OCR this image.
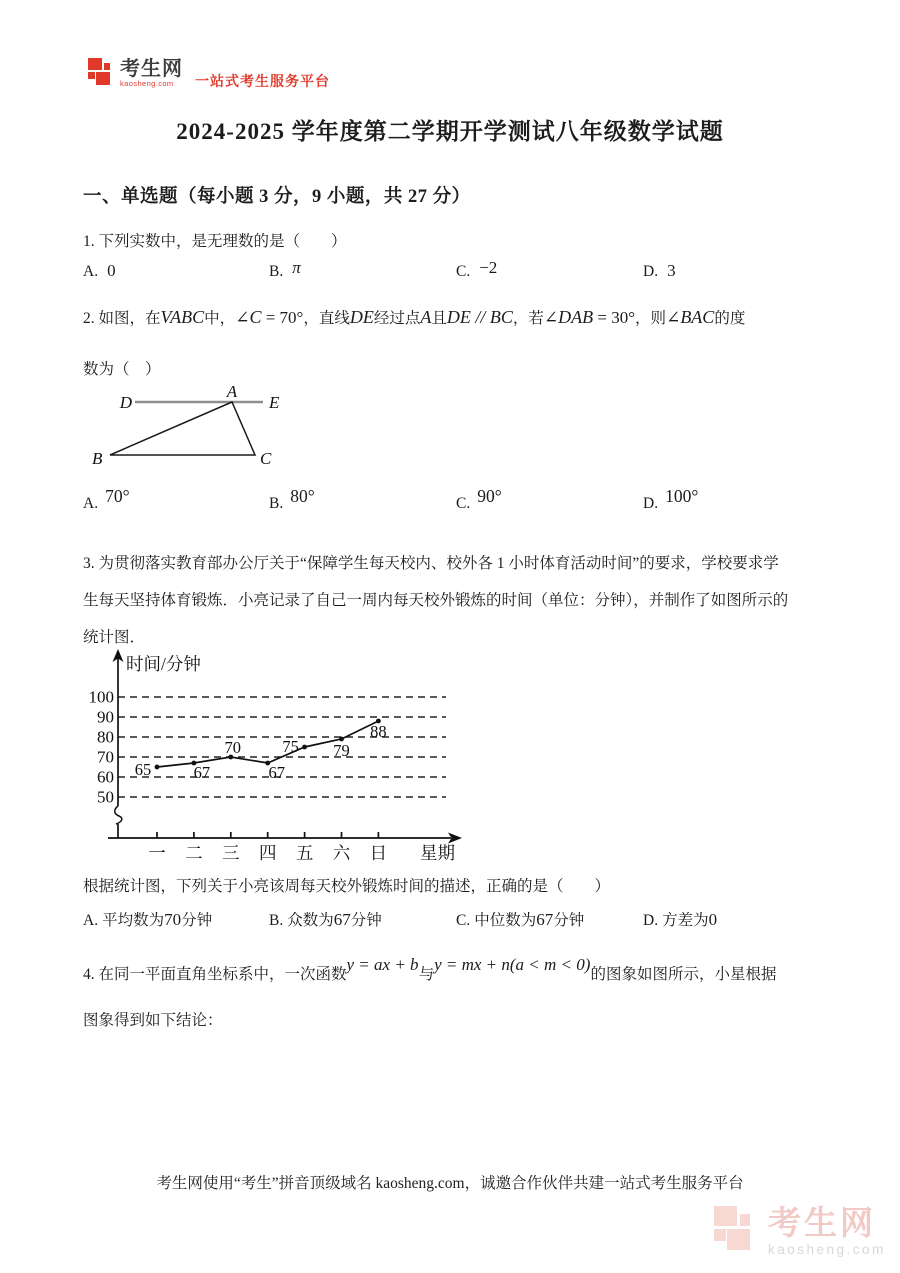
考生网
kaosheng.com	一站式考生服务平台
2024-2025 学年度第二学期开学测试八年级数学试题
一、单选题（每小题 3 分，9 小题，共 27 分）
1. 下列实数中，是无理数的是（　　）
A. 0	B. π	C. −2	D. 3
2. 如图，在VABC中，∠C = 70°，直线DE经过点A且DE // BC，若∠DAB = 30°，则∠BAC的度
数为（　）
D
A
E
B	C
A. 70°	B. 80°	C. 90°	D. 100°
3. 为贯彻落实教育部办公厅关于“保障学生每天校内、校外各 1 小时体育活动时间”的要求，学校要求学
生每天坚持体育锻炼．小亮记录了自己一周内每天校外锻炼的时间（单位：分钟），并制作了如图所示的
统计图．
50
60
70
80
90
100
时间/分钟
星期
一 二 三 四 五 六 日
65	67
70
67
75 79
88
根据统计图，下列关于小亮该周每天校外锻炼时间的描述，正确的是（　　）
A. 平均数为70分钟	B. 众数为67分钟	C. 中位数为67分钟	D. 方差为0
4. 在同一平面直角坐标系中，一次函数y = ax + b与y = mx + n(a < m < 0)的图象如图所示，小星根据
图象得到如下结论：
考生网使用“考生”拼音顶级域名 kaosheng.com，诚邀合作伙伴共建一站式考生服务平台
考生网
kaosheng.com
